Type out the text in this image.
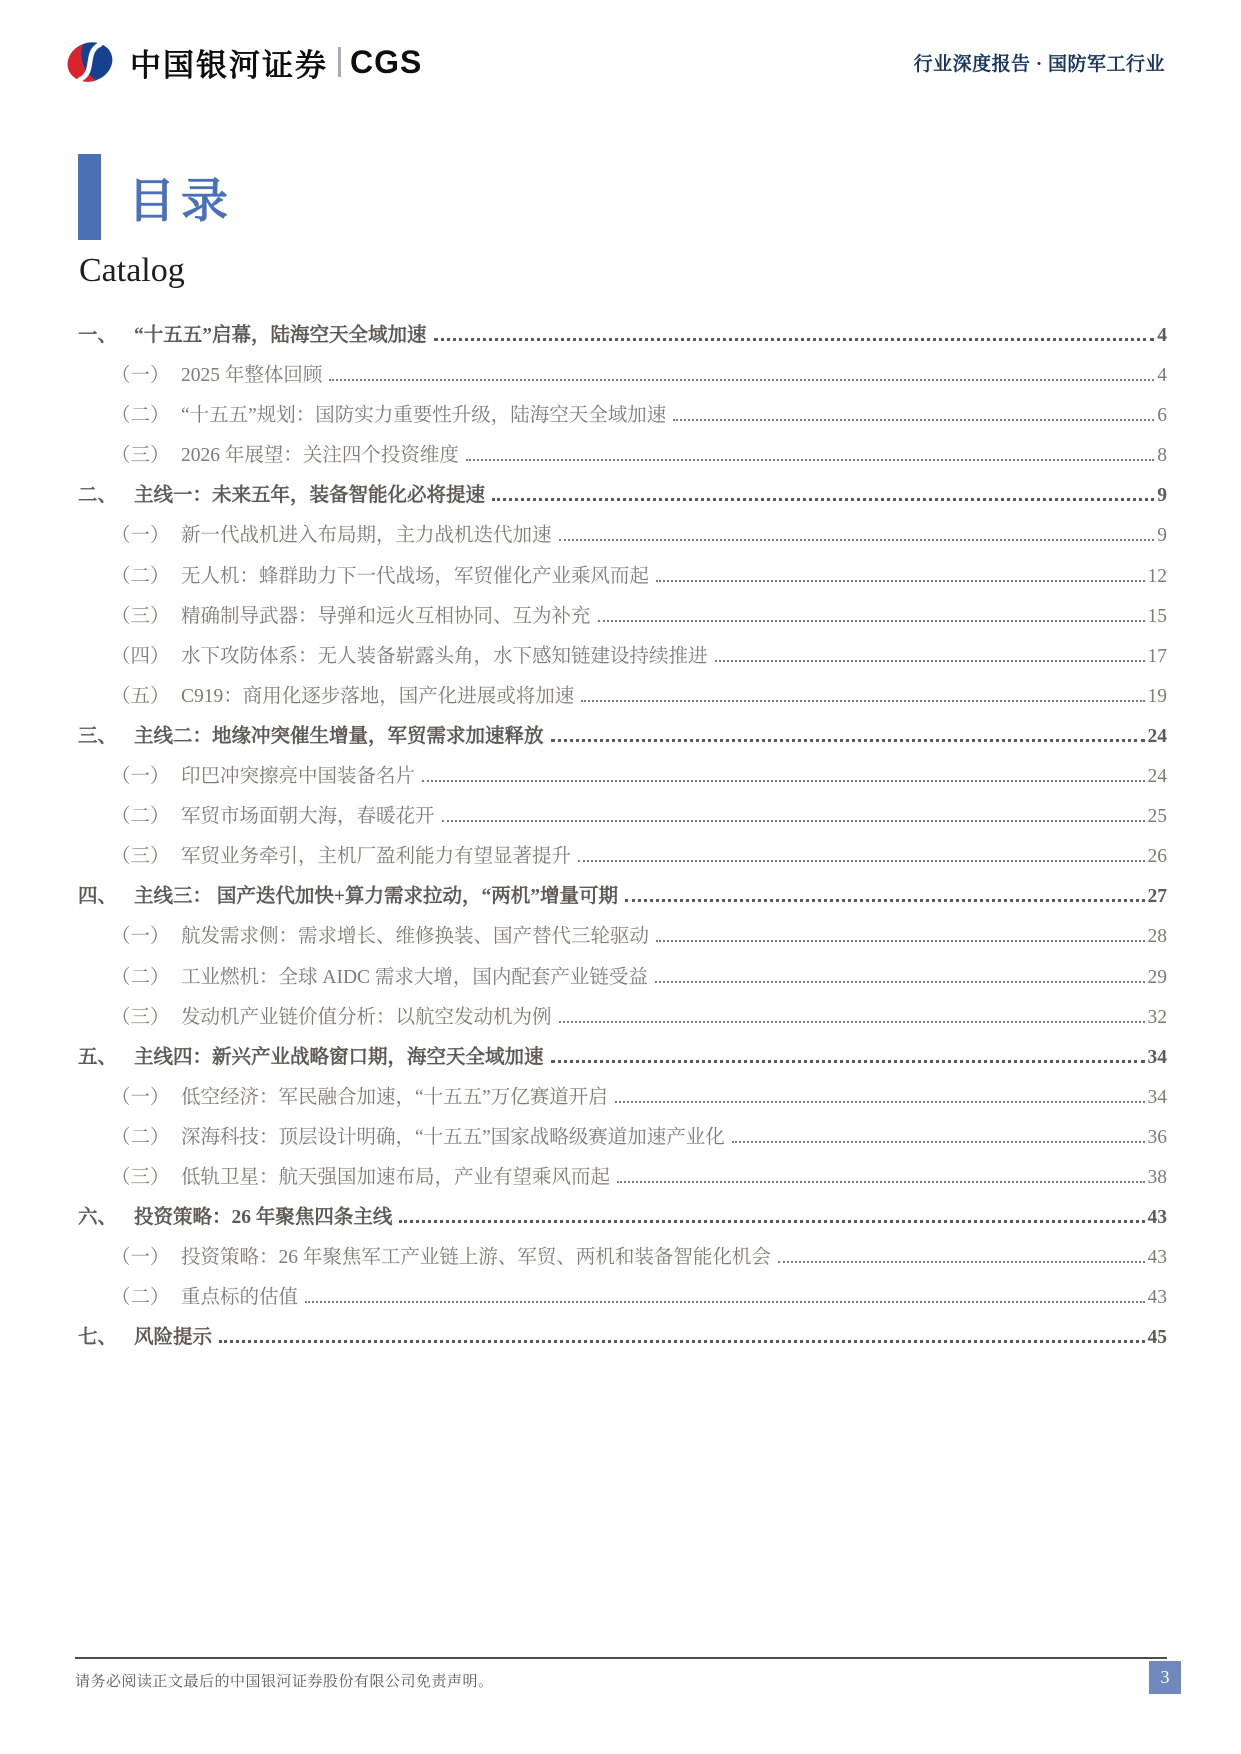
中国银河证券 CGS	行业深度报告 · 国防军工行业
目录
Catalog
一、 “十五五”启幕，陆海空天全域加速	4
（一） 2025 年整体回顾	4
（二） “十五五”规划：国防实力重要性升级，陆海空天全域加速	6
（三） 2026 年展望：关注四个投资维度	8
二、 主线一：未来五年，装备智能化必将提速	9
（一） 新一代战机进入布局期，主力战机迭代加速	9
（二） 无人机：蜂群助力下一代战场，军贸催化产业乘风而起	12
（三） 精确制导武器：导弹和远火互相协同、互为补充	15
（四） 水下攻防体系：无人装备崭露头角，水下感知链建设持续推进	17
（五） C919：商用化逐步落地，国产化进展或将加速	19
三、 主线二：地缘冲突催生增量，军贸需求加速释放	24
（一） 印巴冲突擦亮中国装备名片	24
（二） 军贸市场面朝大海，春暖花开	25
（三） 军贸业务牵引，主机厂盈利能力有望显著提升	26
四、 主线三： 国产迭代加快+算力需求拉动，“两机”增量可期	27
（一） 航发需求侧：需求增长、维修换装、国产替代三轮驱动	28
（二） 工业燃机：全球 AIDC 需求大增，国内配套产业链受益	29
（三） 发动机产业链价值分析：以航空发动机为例	32
五、 主线四：新兴产业战略窗口期，海空天全域加速	34
（一） 低空经济：军民融合加速，“十五五”万亿赛道开启	34
（二） 深海科技：顶层设计明确，“十五五”国家战略级赛道加速产业化	36
（三） 低轨卫星：航天强国加速布局，产业有望乘风而起	38
六、 投资策略：26 年聚焦四条主线	43
（一） 投资策略：26 年聚焦军工产业链上游、军贸、两机和装备智能化机会	43
（二） 重点标的估值	43
七、 风险提示	45
请务必阅读正文最后的中国银河证券股份有限公司免责声明。	3
